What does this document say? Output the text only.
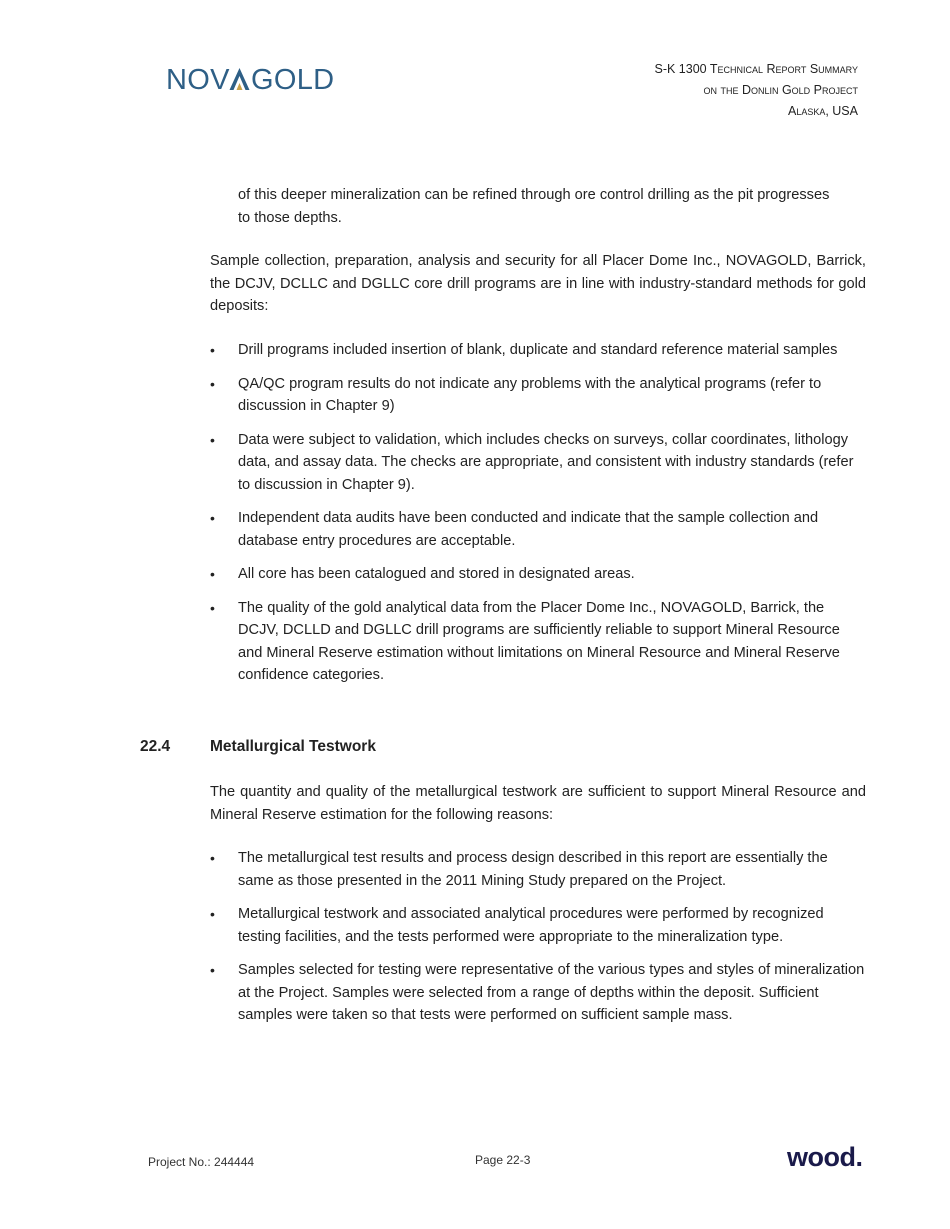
NOV GOLD	S-K 1300 Technical Report Summary
on the Donlin Gold Project
Alaska, USA
of this deeper mineralization can be refined through ore control drilling as the pit progresses to those depths.
Sample collection, preparation, analysis and security for all Placer Dome Inc., NOVAGOLD, Barrick, the DCJV, DCLLC and DGLLC core drill programs are in line with industry-standard methods for gold deposits:
• Drill programs included insertion of blank, duplicate and standard reference material samples
• QA/QC program results do not indicate any problems with the analytical programs (refer to discussion in Chapter 9)
• Data were subject to validation, which includes checks on surveys, collar coordinates, lithology data, and assay data. The checks are appropriate, and consistent with industry standards (refer to discussion in Chapter 9).
• Independent data audits have been conducted and indicate that the sample collection and database entry procedures are acceptable.
• All core has been catalogued and stored in designated areas.
• The quality of the gold analytical data from the Placer Dome Inc., NOVAGOLD, Barrick, the DCJV, DCLLD and DGLLC drill programs are sufficiently reliable to support Mineral Resource and Mineral Reserve estimation without limitations on Mineral Resource and Mineral Reserve confidence categories.
22.4	Metallurgical Testwork
The quantity and quality of the metallurgical testwork are sufficient to support Mineral Resource and Mineral Reserve estimation for the following reasons:
• The metallurgical test results and process design described in this report are essentially the same as those presented in the 2011 Mining Study prepared on the Project.
• Metallurgical testwork and associated analytical procedures were performed by recognized testing facilities, and the tests performed were appropriate to the mineralization type.
• Samples selected for testing were representative of the various types and styles of mineralization at the Project. Samples were selected from a range of depths within the deposit. Sufficient samples were taken so that tests were performed on sufficient sample mass.
Project No.: 244444	Page 22-3	wood.
